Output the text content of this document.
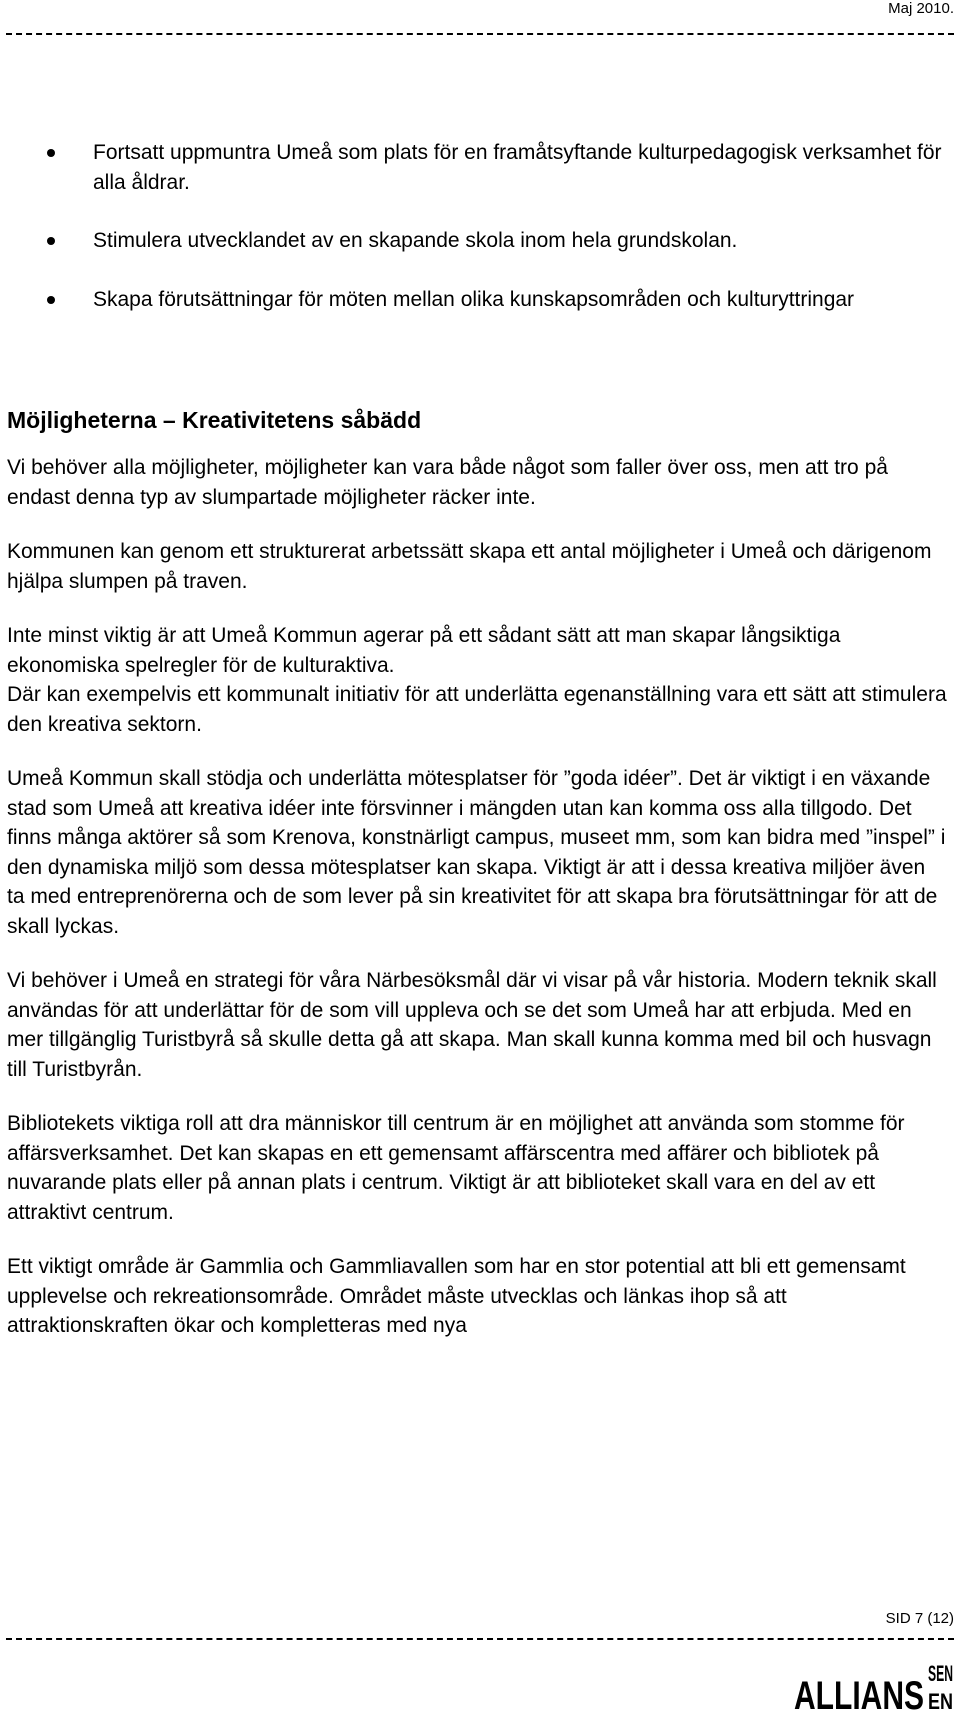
Maj 2010.
Fortsatt uppmuntra Umeå som plats för en framåtsyftande kulturpedagogisk verksamhet för alla åldrar.
Stimulera utvecklandet av en skapande skola inom hela grundskolan.
Skapa förutsättningar för möten mellan olika kunskapsområden och kulturyttringar
Möjligheterna – Kreativitetens såbädd

Vi behöver alla möjligheter, möjligheter kan vara både något som faller över oss, men att tro på endast denna typ av slumpartade möjligheter räcker inte.

Kommunen kan genom ett strukturerat arbetssätt skapa ett antal möjligheter i Umeå och därigenom hjälpa slumpen på traven.

Inte minst viktig är att Umeå Kommun agerar på ett sådant sätt att man skapar långsiktiga ekonomiska spelregler för de kulturaktiva.

Där kan exempelvis ett kommunalt initiativ för att underlätta egenanställning vara ett sätt att stimulera den kreativa sektorn.

Umeå Kommun skall stödja och underlätta mötesplatser för ”goda idéer”. Det är viktigt i en växande stad som Umeå att kreativa idéer inte försvinner i mängden utan kan komma oss alla tillgodo. Det finns många aktörer så som Krenova, konstnärligt campus, museet mm, som kan bidra med ”inspel” i den dynamiska miljö som dessa mötesplatser kan skapa. Viktigt är att i dessa kreativa miljöer även ta med entreprenörerna och de som lever på sin kreativitet för att skapa bra förutsättningar för att de skall lyckas.

Vi behöver i Umeå en strategi för våra Närbesöksmål där vi visar på vår historia. Modern teknik skall användas för att underlättar för de som vill uppleva och se det som Umeå har att erbjuda. Med en mer tillgänglig Turistbyrå så skulle detta gå att skapa. Man skall kunna komma med bil och husvagn till Turistbyrån.

Bibliotekets viktiga roll att dra människor till centrum är en möjlighet att använda som stomme för affärsverksamhet. Det kan skapas en ett gemensamt affärscentra med affärer och bibliotek på nuvarande plats eller på annan plats i centrum. Viktigt är att biblioteket skall vara en del av ett attraktivt centrum.

Ett viktigt område är Gammlia och Gammliavallen som har en stor potential att bli ett gemensamt upplevelse och rekreationsområde. Området måste utvecklas och länkas ihop så att attraktionskraften ökar och kompletteras med nya

SID 7 (12)
ALLIANS
SEN
EN
